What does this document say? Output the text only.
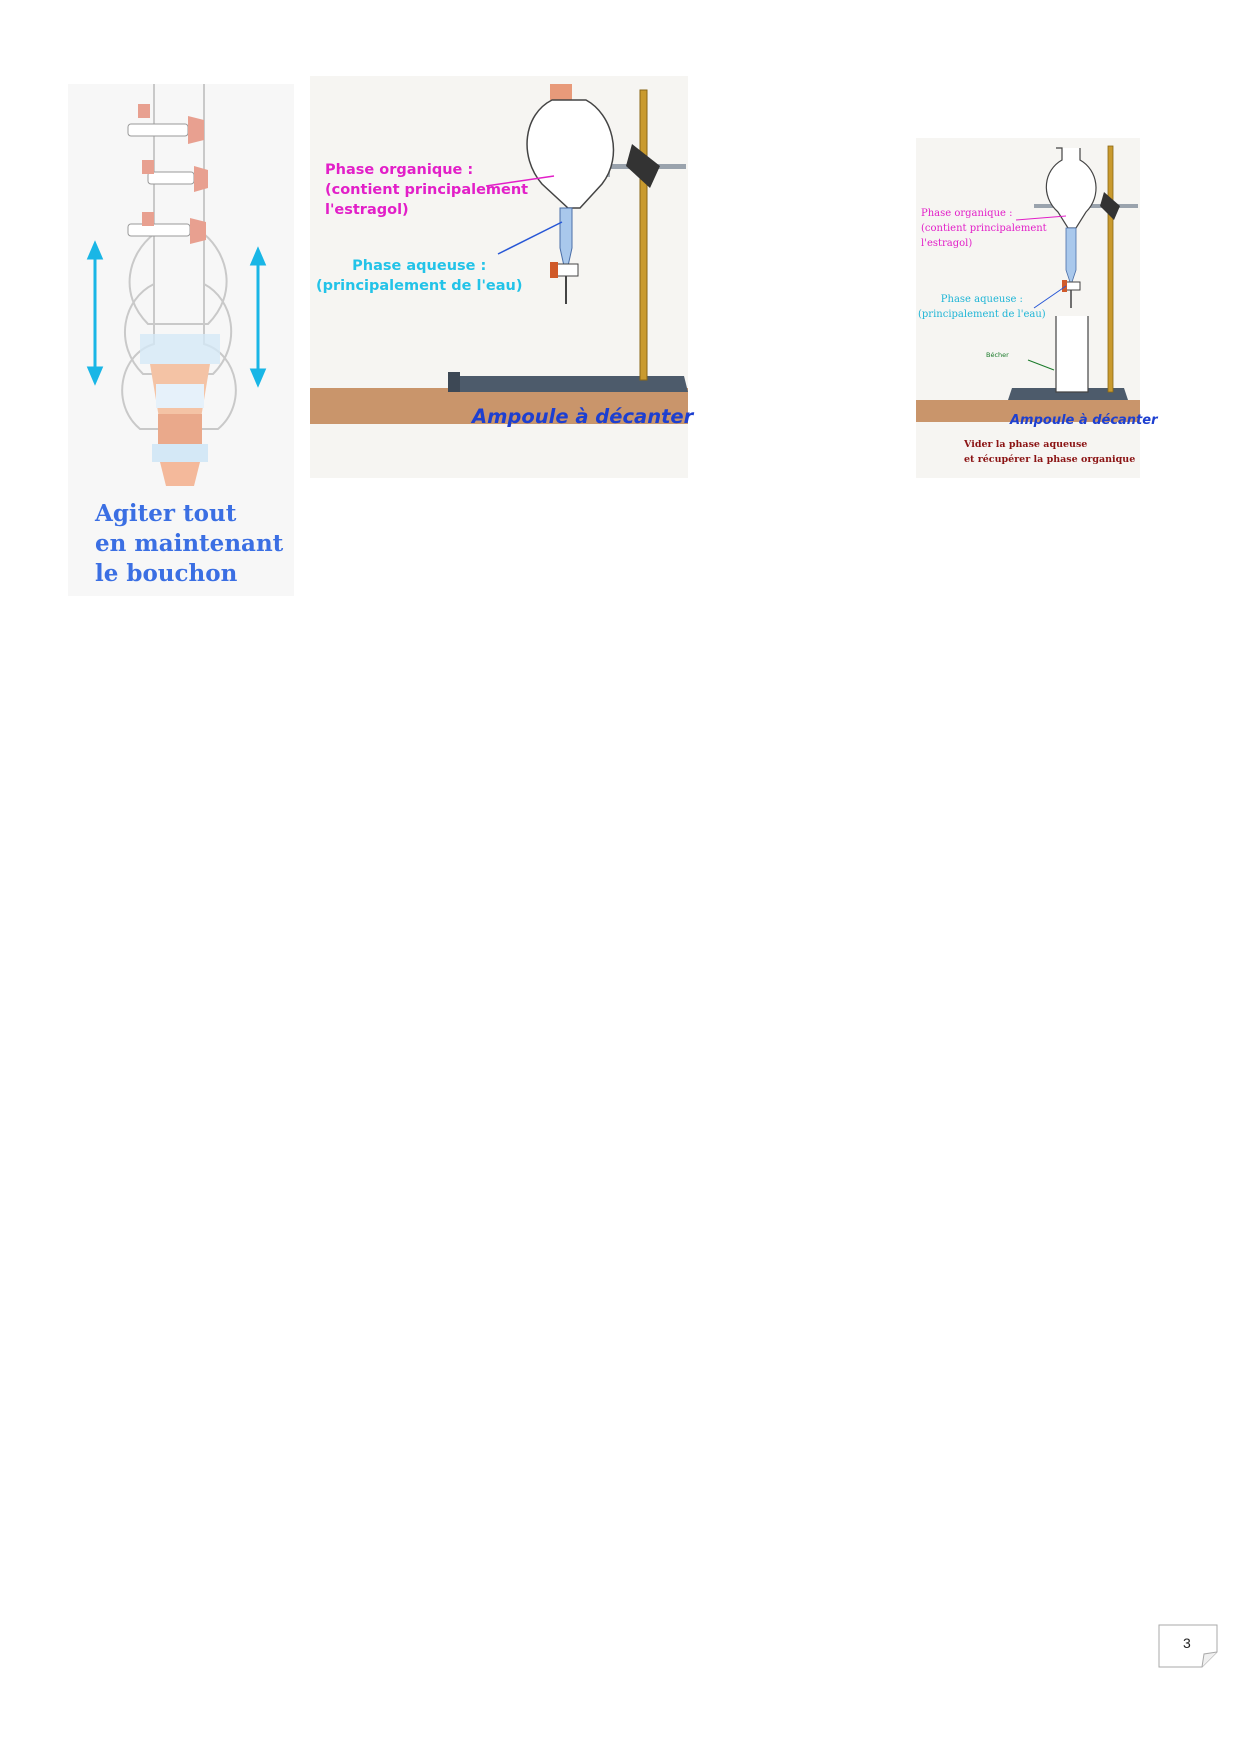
Agiter tout
en maintenant
le bouchon

Phase organique :
(contient principalement
l'estragol)

Phase aqueuse :
(principalement de l'eau)

Ampoule à décanter

Phase organique :
(contient principalement
l'estragol)

Phase aqueuse :
(principalement de l'eau)

Bécher

Ampoule à décanter

Vider la phase aqueuse
et récupérer la phase organique

3
